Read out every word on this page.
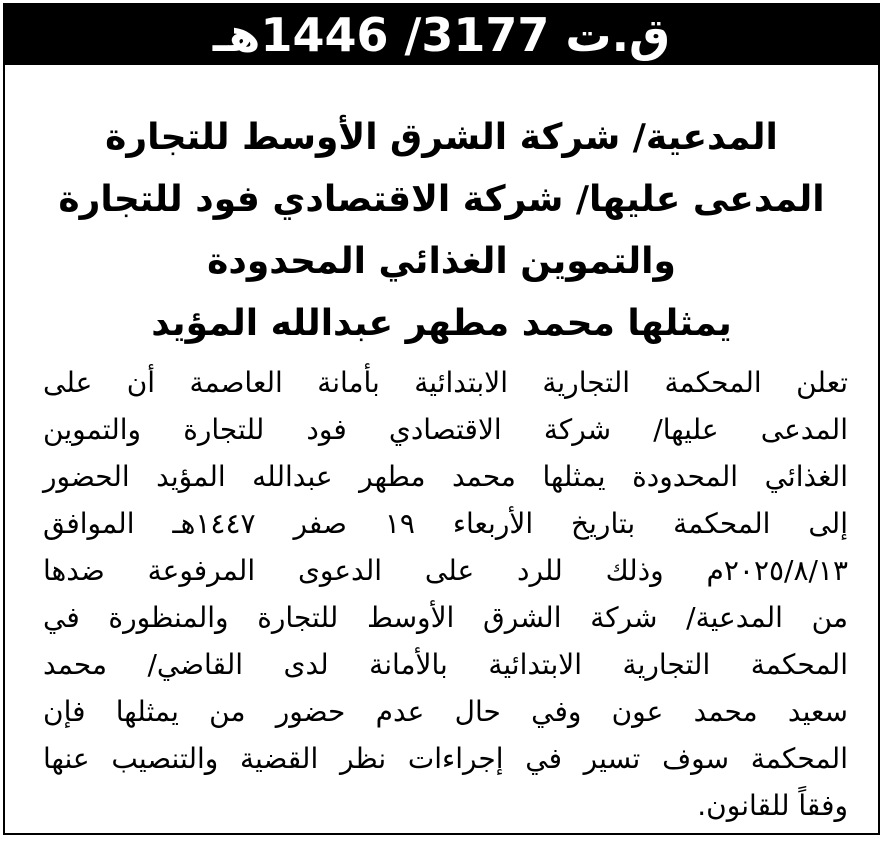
ق.ت 3177/ 1446هـ
المدعية/ شركة الشرق الأوسط للتجارة
المدعى عليها/ شركة الاقتصادي فود للتجارة
والتموين الغذائي المحدودة
يمثلها محمد مطهر عبدالله المؤيد
تعلن المحكمة التجارية الابتدائية بأمانة العاصمة أن على
المدعى عليها/ شركة الاقتصادي فود للتجارة والتموين
الغذائي المحدودة يمثلها محمد مطهر عبدالله المؤيد الحضور
إلى المحكمة بتاريخ الأربعاء ١٩ صفر ١٤٤٧هـ الموافق
٢٠٢٥/٨/١٣م وذلك للرد على الدعوى المرفوعة ضدها
من المدعية/ شركة الشرق الأوسط للتجارة والمنظورة في
المحكمة التجارية الابتدائية بالأمانة لدى القاضي/ محمد
سعيد محمد عون وفي حال عدم حضور من يمثلها فإن
المحكمة سوف تسير في إجراءات نظر القضية والتنصيب عنها
وفقاً للقانون.
